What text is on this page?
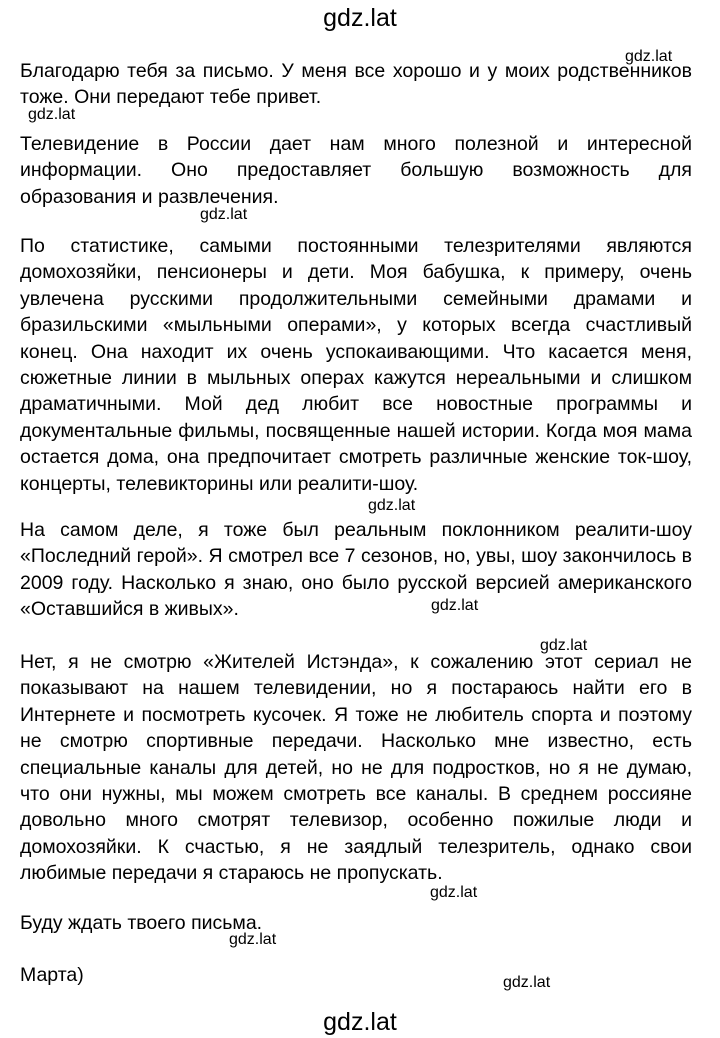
gdz.lat

Благодарю тебя за письмо. У меня все хорошо и у моих родственников тоже. Они передают тебе привет.

Телевидение в России дает нам много полезной и интересной информации. Оно предоставляет большую возможность для образования и развлечения.

По статистике, самыми постоянными телезрителями являются домохозяйки, пенсионеры и дети. Моя бабушка, к примеру, очень увлечена русскими продолжительными семейными драмами и бразильскими «мыльными операми», у которых всегда счастливый конец. Она находит их очень успокаивающими. Что касается меня, сюжетные линии в мыльных операх кажутся нереальными и слишком драматичными. Мой дед любит все новостные программы и документальные фильмы, посвященные нашей истории. Когда моя мама остается дома, она предпочитает смотреть различные женские ток-шоу, концерты, телевикторины или реалити-шоу.

На самом деле, я тоже был реальным поклонником реалити-шоу «Последний герой». Я смотрел все 7 сезонов, но, увы, шоу закончилось в 2009 году. Насколько я знаю, оно было русской версией американского «Оставшийся в живых».

Нет, я не смотрю «Жителей Истэнда», к сожалению этот сериал не показывают на нашем телевидении, но я постараюсь найти его в Интернете и посмотреть кусочек. Я тоже не любитель спорта и поэтому не смотрю спортивные передачи. Насколько мне известно, есть специальные каналы для детей, но не для подростков, но я не думаю, что они нужны, мы можем смотреть все каналы. В среднем россияне довольно много смотрят телевизор, особенно пожилые люди и домохозяйки. К счастью, я не заядлый телезритель, однако свои любимые передачи я стараюсь не пропускать.

Буду ждать твоего письма.

Марта)

gdz.lat
gdz.lat
gdz.lat
gdz.lat
gdz.lat
gdz.lat
gdz.lat
gdz.lat
gdz.lat
gdz.lat
